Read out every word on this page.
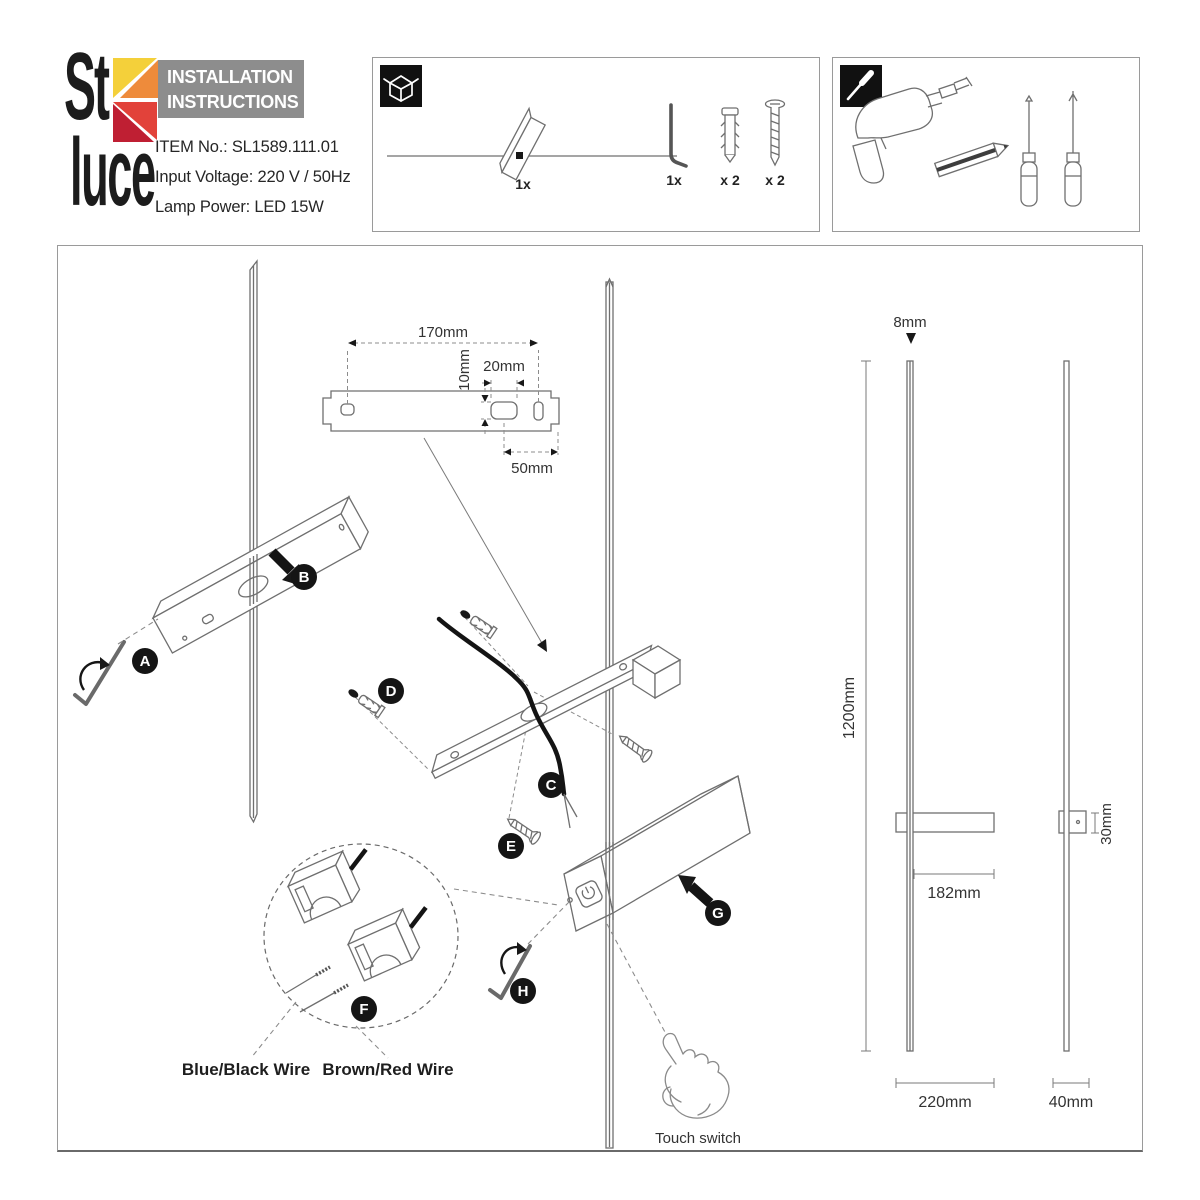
St
luce
INSTALLATION
INSTRUCTIONS
ITEM No.: SL1589.111.01
Input Voltage: 220 V / 50Hz
Lamp Power: LED 15W
1x	1x	x 2 x 2
A
B
170mm
10mm 20mm
50mm
D
E
C
G
H
F
Blue/Black Wire Brown/Red Wire
Touch switch
1200mm
8mm
182mm
220mm
30mm
40mm
